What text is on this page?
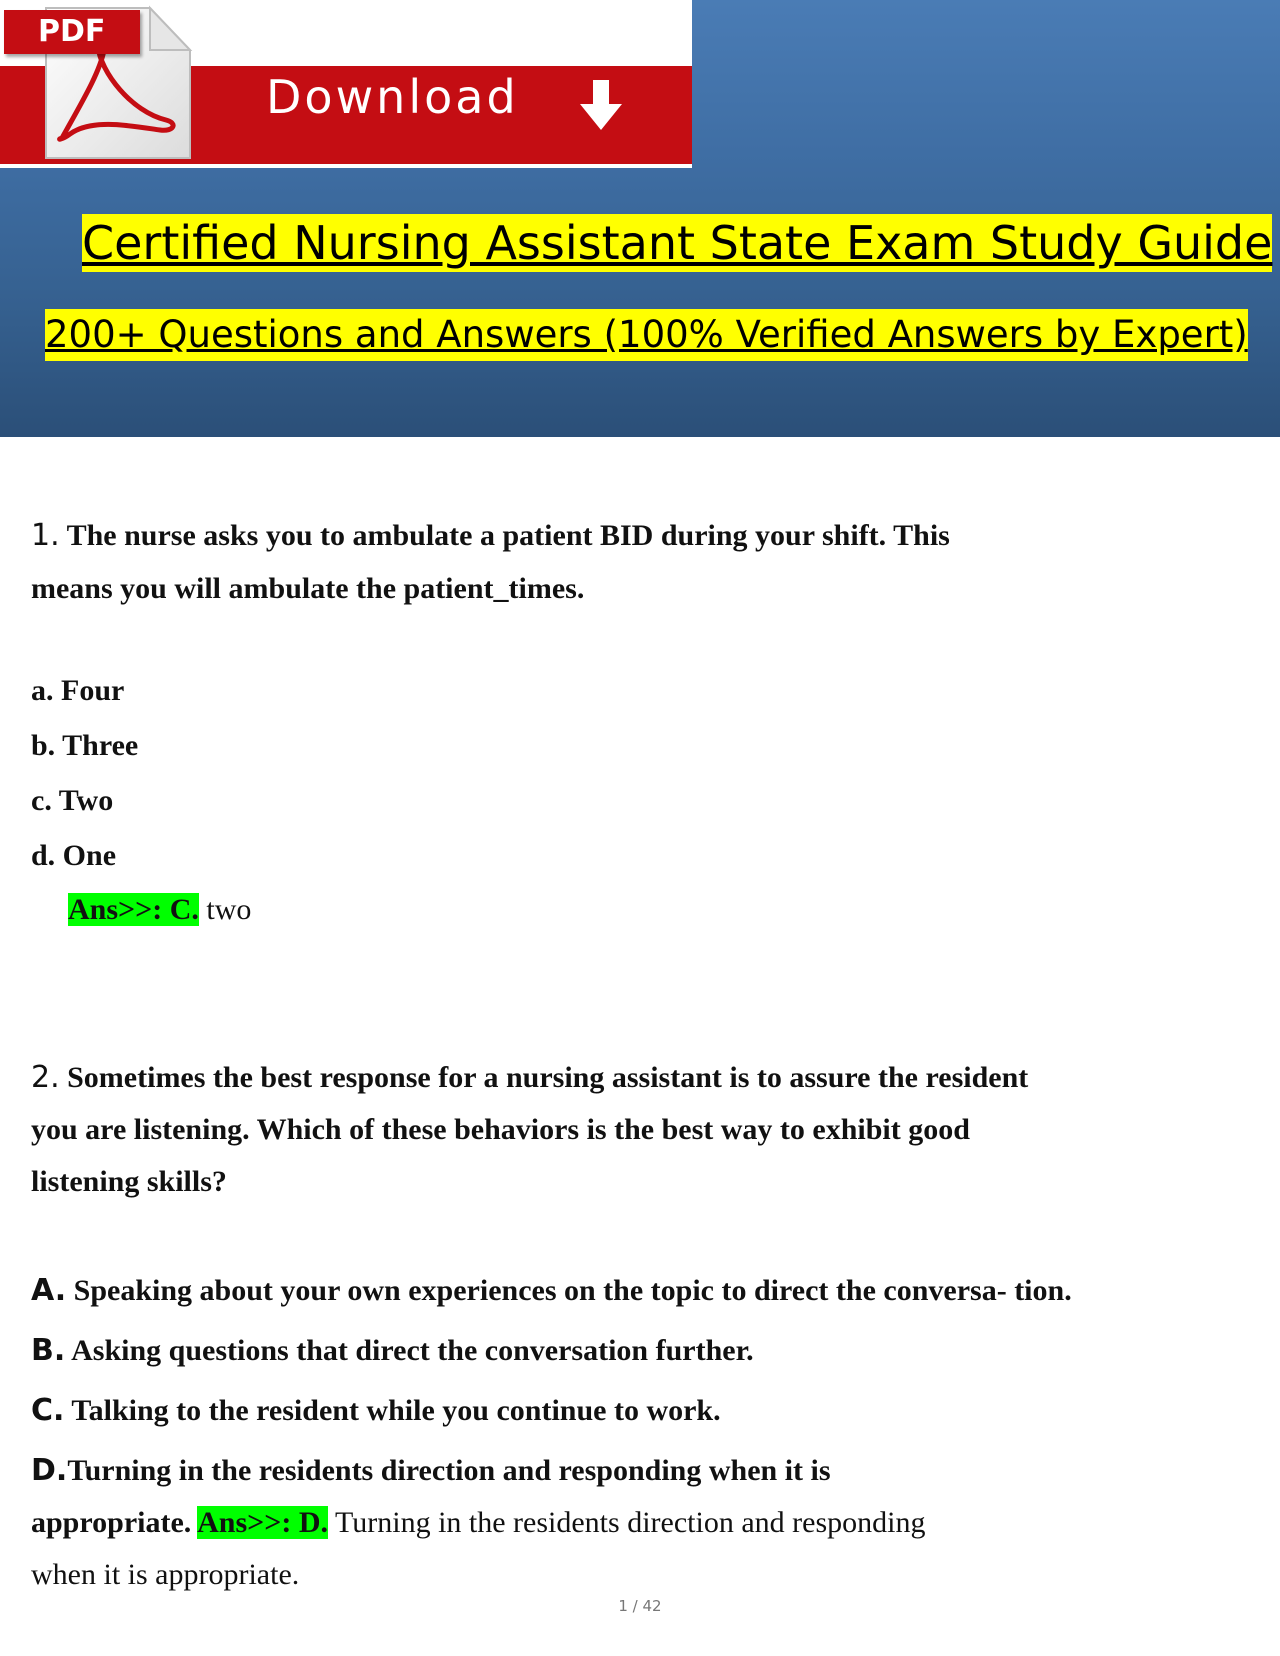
Download
PDF
Certified Nursing Assistant State Exam Study Guide
200+ Questions and Answers (100% Verified Answers by Expert)
1. The nurse asks you to ambulate a patient BID during your shift. This
means you will ambulate the patient_times.
a. Four
b. Three
c. Two
d. One
Ans>>: C. two
2. Sometimes the best response for a nursing assistant is to assure the resident
you are listening. Which of these behaviors is the best way to exhibit good
listening skills?
A. Speaking about your own experiences on the topic to direct the conversa- tion.
B. Asking questions that direct the conversation further.
C. Talking to the resident while you continue to work.
D.Turning in the residents direction and responding when it is
appropriate. Ans>>: D. Turning in the residents direction and responding
when it is appropriate.
1 / 42
